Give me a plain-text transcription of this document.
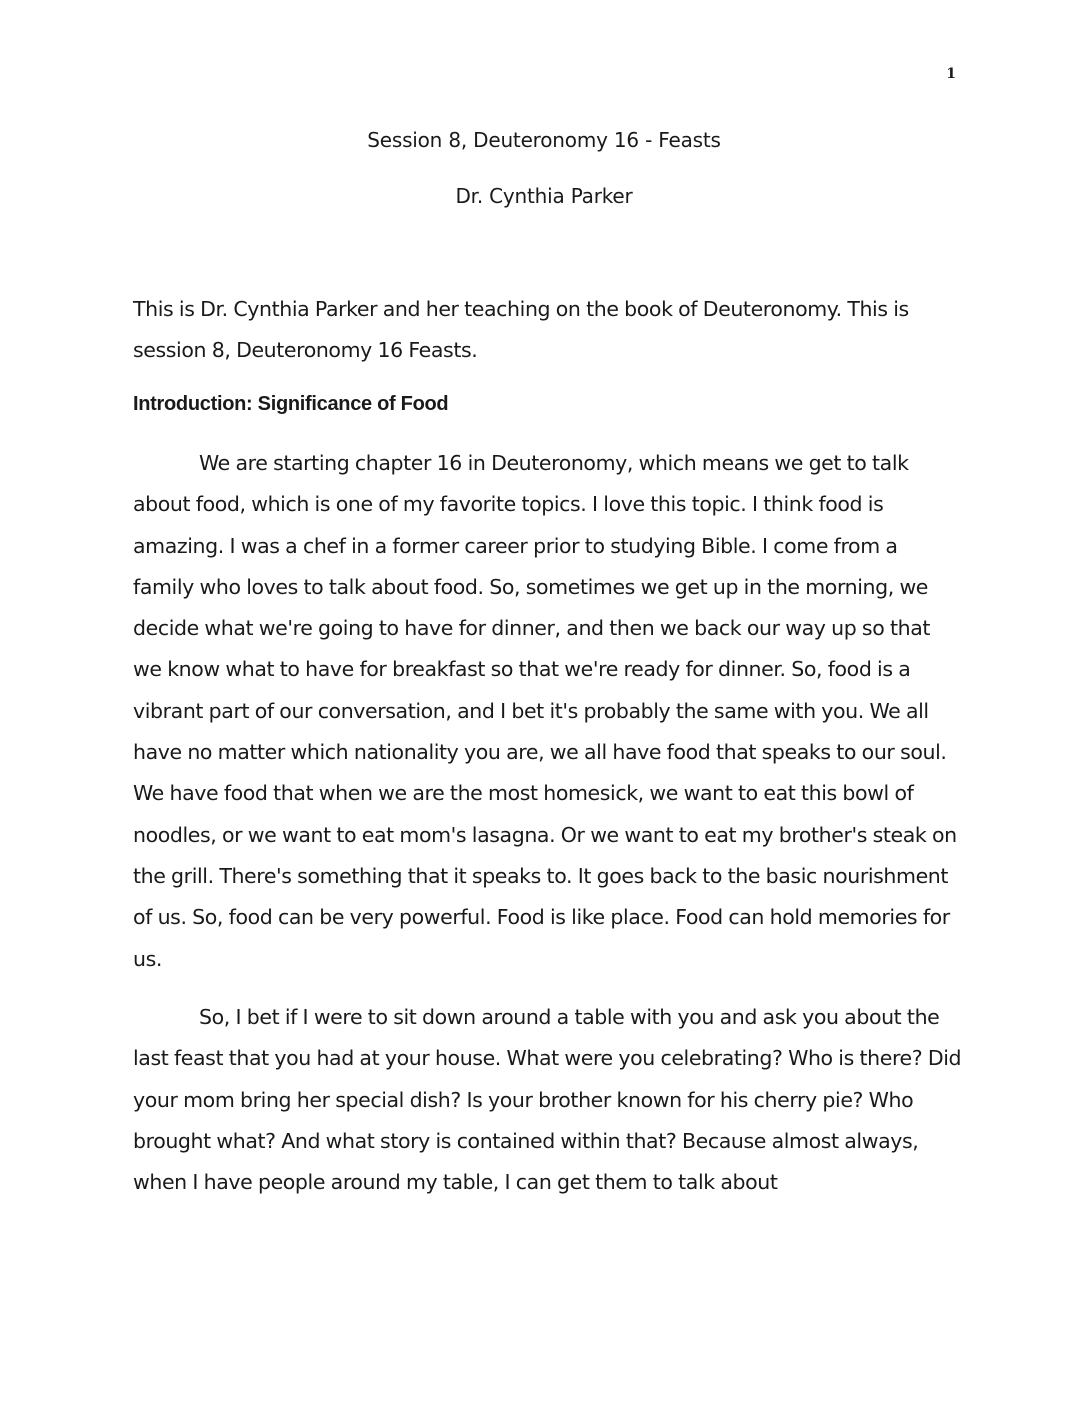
1
Session 8, Deuteronomy 16 - Feasts
Dr. Cynthia Parker

This is Dr. Cynthia Parker and her teaching on the book of Deuteronomy. This is session 8, Deuteronomy 16 Feasts.

Introduction: Significance of Food

We are starting chapter 16 in Deuteronomy, which means we get to talk about food, which is one of my favorite topics. I love this topic. I think food is amazing. I was a chef in a former career prior to studying Bible. I come from a family who loves to talk about food. So, sometimes we get up in the morning, we decide what we're going to have for dinner, and then we back our way up so that we know what to have for breakfast so that we're ready for dinner. So, food is a vibrant part of our conversation, and I bet it's probably the same with you. We all have no matter which nationality you are, we all have food that speaks to our soul. We have food that when we are the most homesick, we want to eat this bowl of noodles, or we want to eat mom's lasagna. Or we want to eat my brother's steak on the grill. There's something that it speaks to. It goes back to the basic nourishment of us. So, food can be very powerful. Food is like place. Food can hold memories for us.

So, I bet if I were to sit down around a table with you and ask you about the last feast that you had at your house. What were you celebrating? Who is there? Did your mom bring her special dish? Is your brother known for his cherry pie? Who brought what? And what story is contained within that? Because almost always, when I have people around my table, I can get them to talk about
